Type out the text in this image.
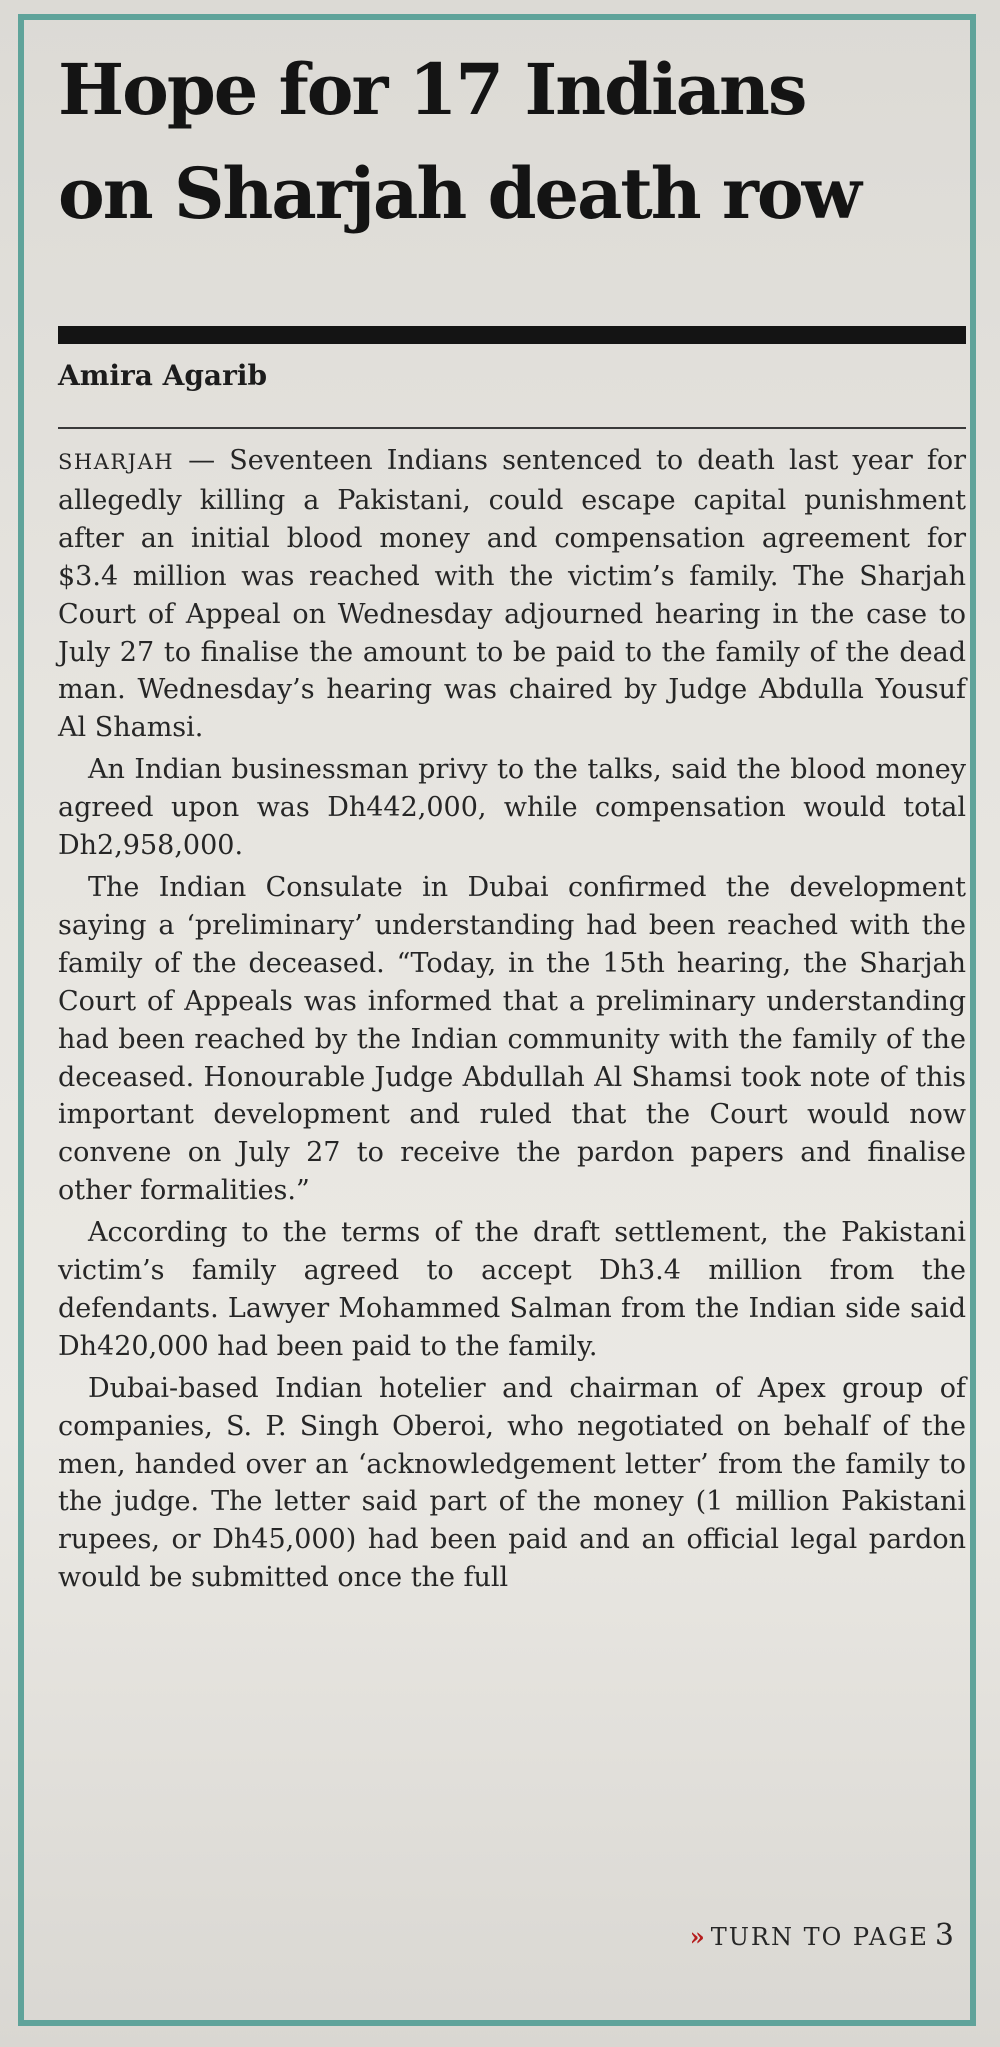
Hope for 17 Indians
on Sharjah death row
Amira Agarib

SHARJAH — Seventeen Indians sentenced to death last year for allegedly killing a Pakistani, could escape capital punishment after an initial blood money and compensation agreement for $3.4 million was reached with the victim’s family. The Sharjah Court of Appeal on Wednesday adjourned hearing in the case to July 27 to finalise the amount to be paid to the family of the dead man. Wednesday’s hearing was chaired by Judge Abdulla Yousuf Al Shamsi.

An Indian businessman privy to the talks, said the blood money agreed upon was Dh442,000, while compensation would total Dh2,958,000.

The Indian Consulate in Dubai confirmed the development saying a ‘preliminary’ understanding had been reached with the family of the deceased. “Today, in the 15th hearing, the Sharjah Court of Appeals was informed that a preliminary understanding had been reached by the Indian community with the family of the deceased. Honourable Judge Abdullah Al Shamsi took note of this important development and ruled that the Court would now convene on July 27 to receive the pardon papers and finalise other formalities.”

According to the terms of the draft settlement, the Pakistani victim’s family agreed to accept Dh3.4 million from the defendants. Lawyer Mohammed Salman from the Indian side said Dh420,000 had been paid to the family.

Dubai-based Indian hotelier and chairman of Apex group of companies, S. P. Singh Oberoi, who negotiated on behalf of the men, handed over an ‘acknowledgement letter’ from the family to the judge. The letter said part of the money (1 million Pakistani rupees, or Dh45,000) had been paid and an official legal pardon would be submitted once the full

» TURN TO PAGE 3
